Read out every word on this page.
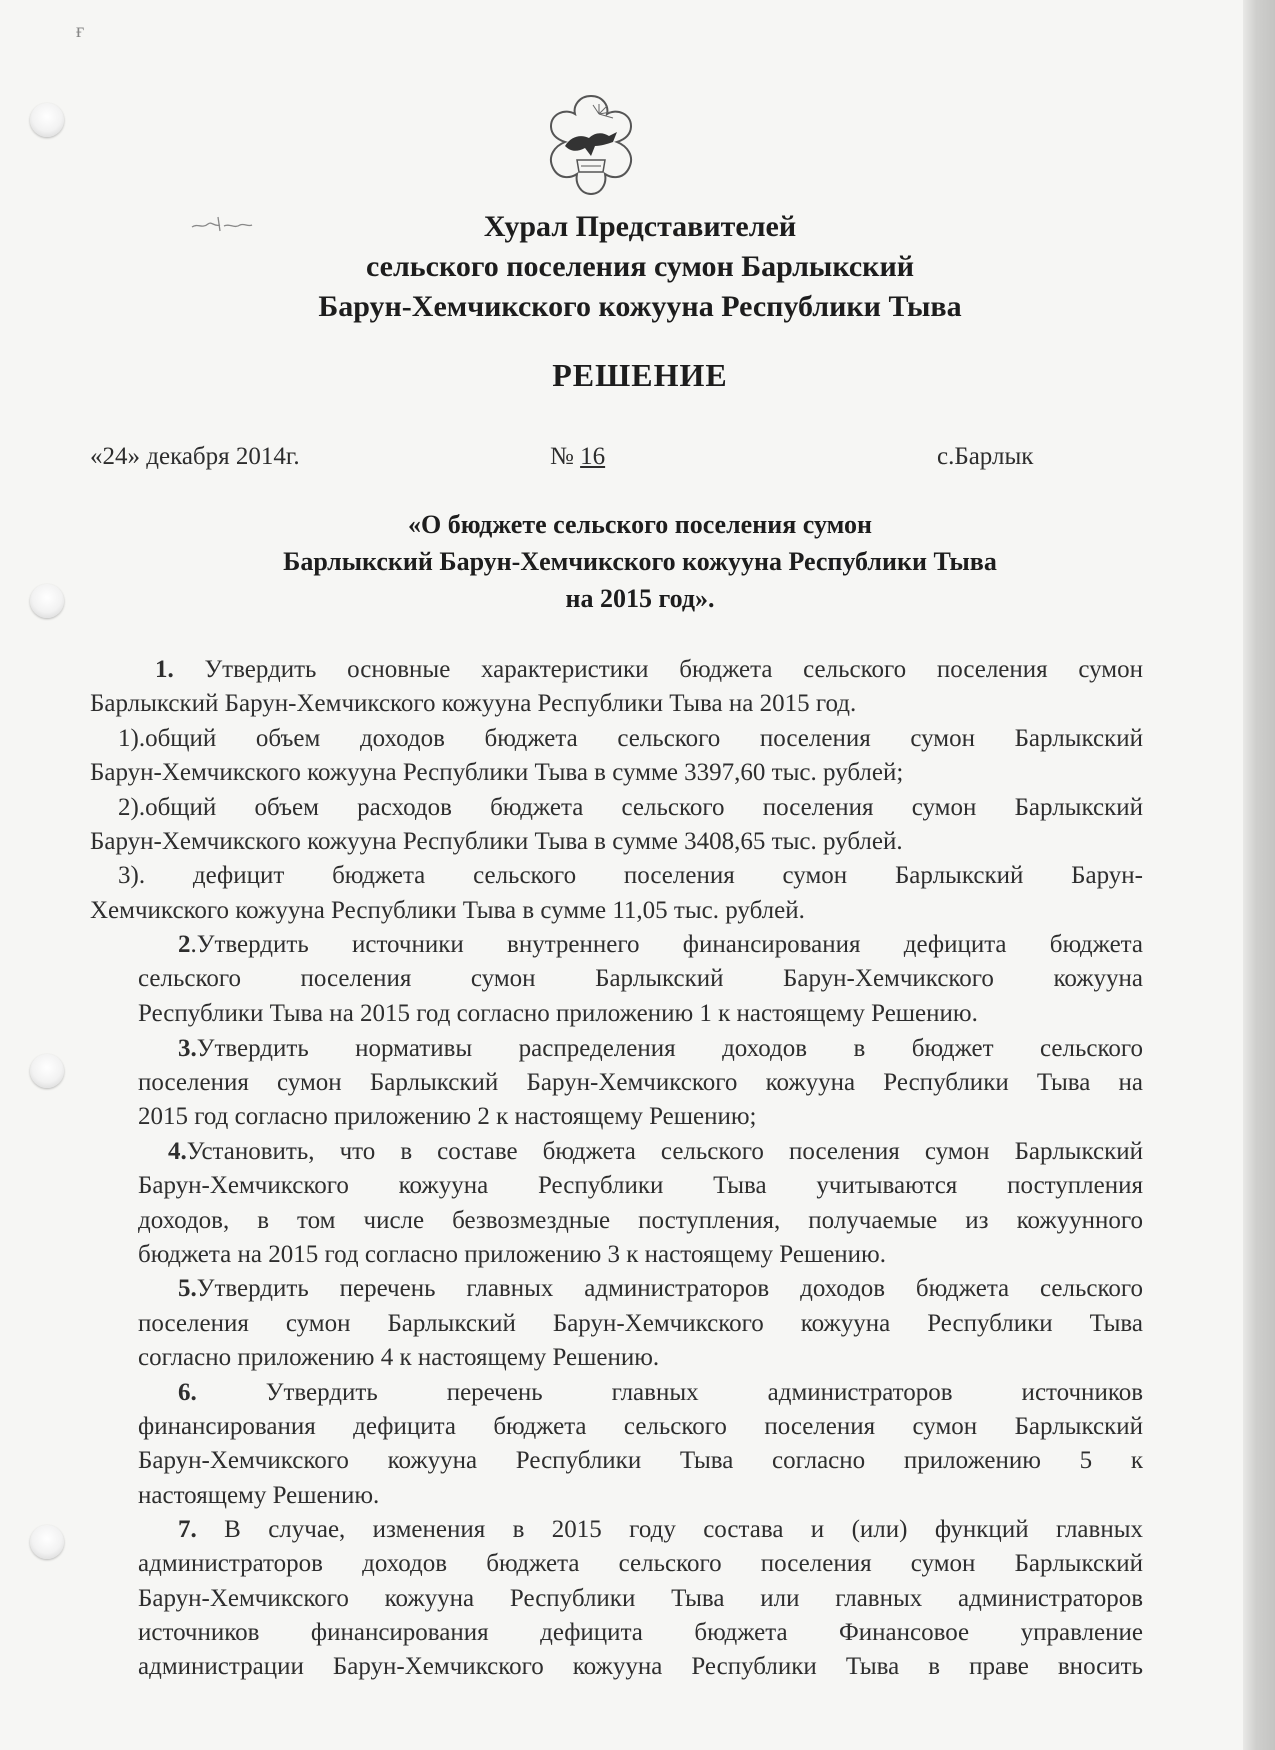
ғ
Хурал Представителей
сельского поселения сумон Барлыкский
Барун-Хемчикского кожууна Республики Тыва
РЕШЕНИЕ
«24» декабря 2014г.	№ 16	с.Барлык
«О бюджете сельского поселения сумон
Барлыкский Барун-Хемчикского кожууна Республики Тыва
на 2015 год».
1. Утвердить основные характеристики бюджета сельского поселения сумон
Барлыкский Барун-Хемчикского кожууна Республики Тыва на 2015 год.
1).общий объем доходов бюджета сельского поселения сумон Барлыкский
Барун-Хемчикского кожууна Республики Тыва в сумме 3397,60 тыс. рублей;
2).общий объем расходов бюджета сельского поселения сумон Барлыкский
Барун-Хемчикского кожууна Республики Тыва в сумме 3408,65 тыс. рублей.
3). дефицит бюджета сельского поселения сумон Барлыкский Барун-
Хемчикского кожууна Республики Тыва в сумме 11,05 тыс. рублей.
2.Утвердить источники внутреннего финансирования дефицита бюджета
сельского поселения сумон Барлыкский Барун-Хемчикского кожууна
Республики Тыва на 2015 год согласно приложению 1 к настоящему Решению.
3.Утвердить нормативы распределения доходов в бюджет сельского
поселения сумон Барлыкский Барун-Хемчикского кожууна Республики Тыва на
2015 год согласно приложению 2 к настоящему Решению;
4.Установить, что в составе бюджета сельского поселения сумон Барлыкский
Барун-Хемчикского кожууна Республики Тыва учитываются поступления
доходов, в том числе безвозмездные поступления, получаемые из кожуунного
бюджета на 2015 год согласно приложению 3 к настоящему Решению.
5.Утвердить перечень главных администраторов доходов бюджета сельского
поселения сумон Барлыкский Барун-Хемчикского кожууна Республики Тыва
согласно приложению 4 к настоящему Решению.
6. Утвердить перечень главных администраторов источников
финансирования дефицита бюджета сельского поселения сумон Барлыкский
Барун-Хемчикского кожууна Республики Тыва согласно приложению 5 к
настоящему Решению.
7. В случае, изменения в 2015 году состава и (или) функций главных
администраторов доходов бюджета сельского поселения сумон Барлыкский
Барун-Хемчикского кожууна Республики Тыва или главных администраторов
источников финансирования дефицита бюджета Финансовое управление
администрации Барун-Хемчикского кожууна Республики Тыва в праве вносить
